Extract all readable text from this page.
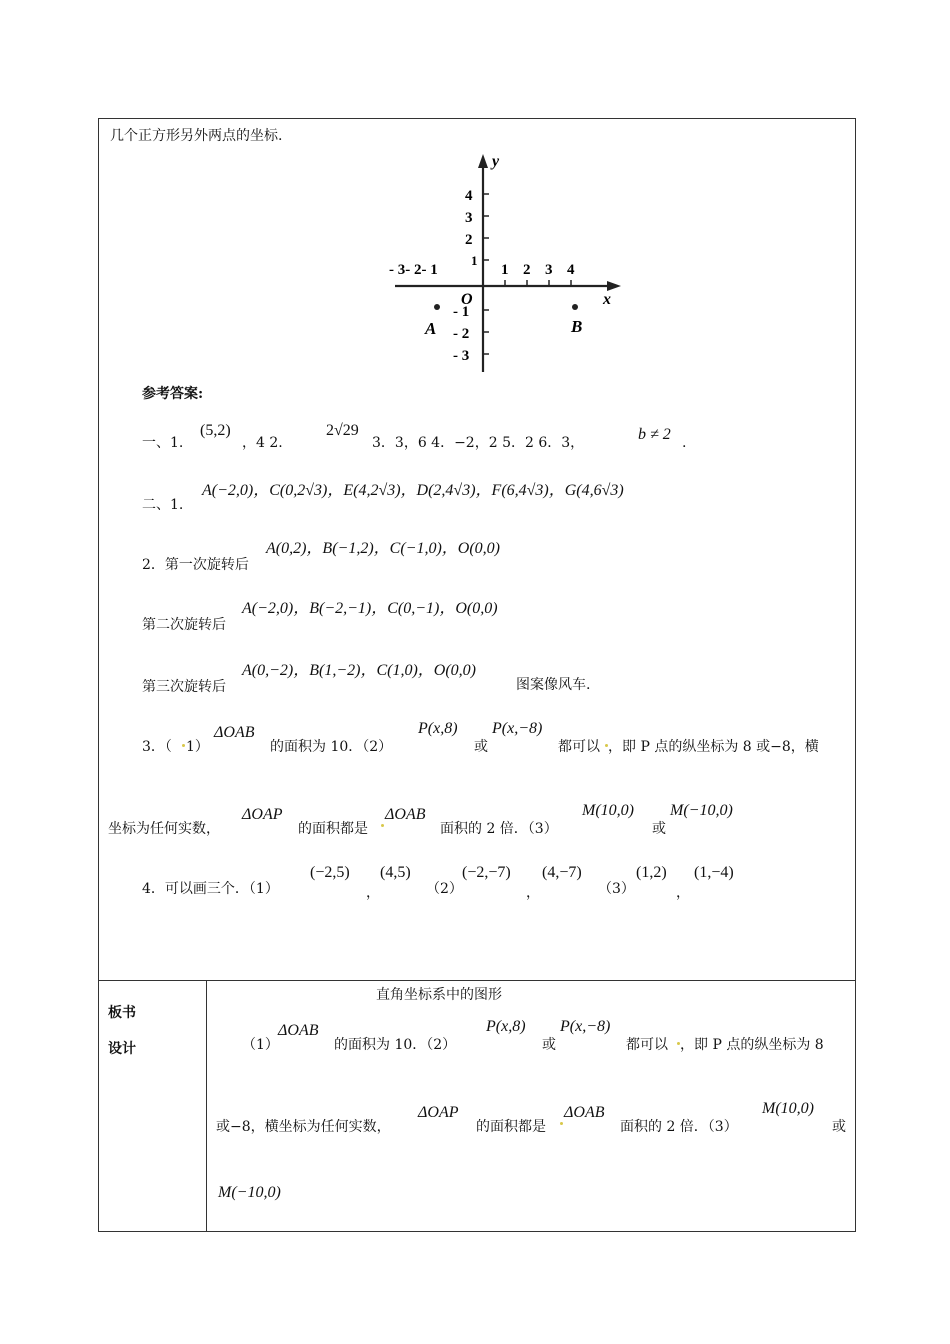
几个正方形另外两点的坐标.
y
x
O
4
3
2
1
- 1
- 2
- 3
- 3- 2- 1	1 2 3 4
A	B
参考答案:
一、1.
(5,2)
，4 2.
2√29
3．3，6 4．−2，2 5．2 6．3，	b ≠ 2 .
二、1.
A(−2,0)，C(0,2√3)，E(4,2√3)，D(2,4√3)，F(6,4√3)，G(4,6√3)
2．第一次旋转后
A(0,2)，B(−1,2)，C(−1,0)，O(0,0)
第二次旋转后
A(−2,0)，B(−2,−1)，C(0,−1)，O(0,0)
第三次旋转后
A(0,−2)，B(1,−2)，C(1,0)，O(0,0)
图案像风车.
3．（ 1）
ΔOAB
的面积为 10．（2）
P(x,8)
或
P(x,−8)
都可以 ，即 P 点的纵坐标为 8 或−8，横
坐标为任何实数，
ΔOAP
的面积都是
ΔOAB
面积的 2 倍．（3）
M(10,0)
或
M(−10,0)
4．可以画三个．（1）
(−2,5)
，
(4,5)
（2）
(−2,−7)
，
(4,−7)
（3）
(1,2)
，
(1,−4)
板书
设计
直角坐标系中的图形
（1）
ΔOAB
的面积为 10．（2）
P(x,8)
或
P(x,−8)
都可以 ，即 P 点的纵坐标为 8
或−8，横坐标为任何实数，
ΔOAP
的面积都是
ΔOAB
面积的 2 倍．（3）
M(10,0)
或
M(−10,0)
